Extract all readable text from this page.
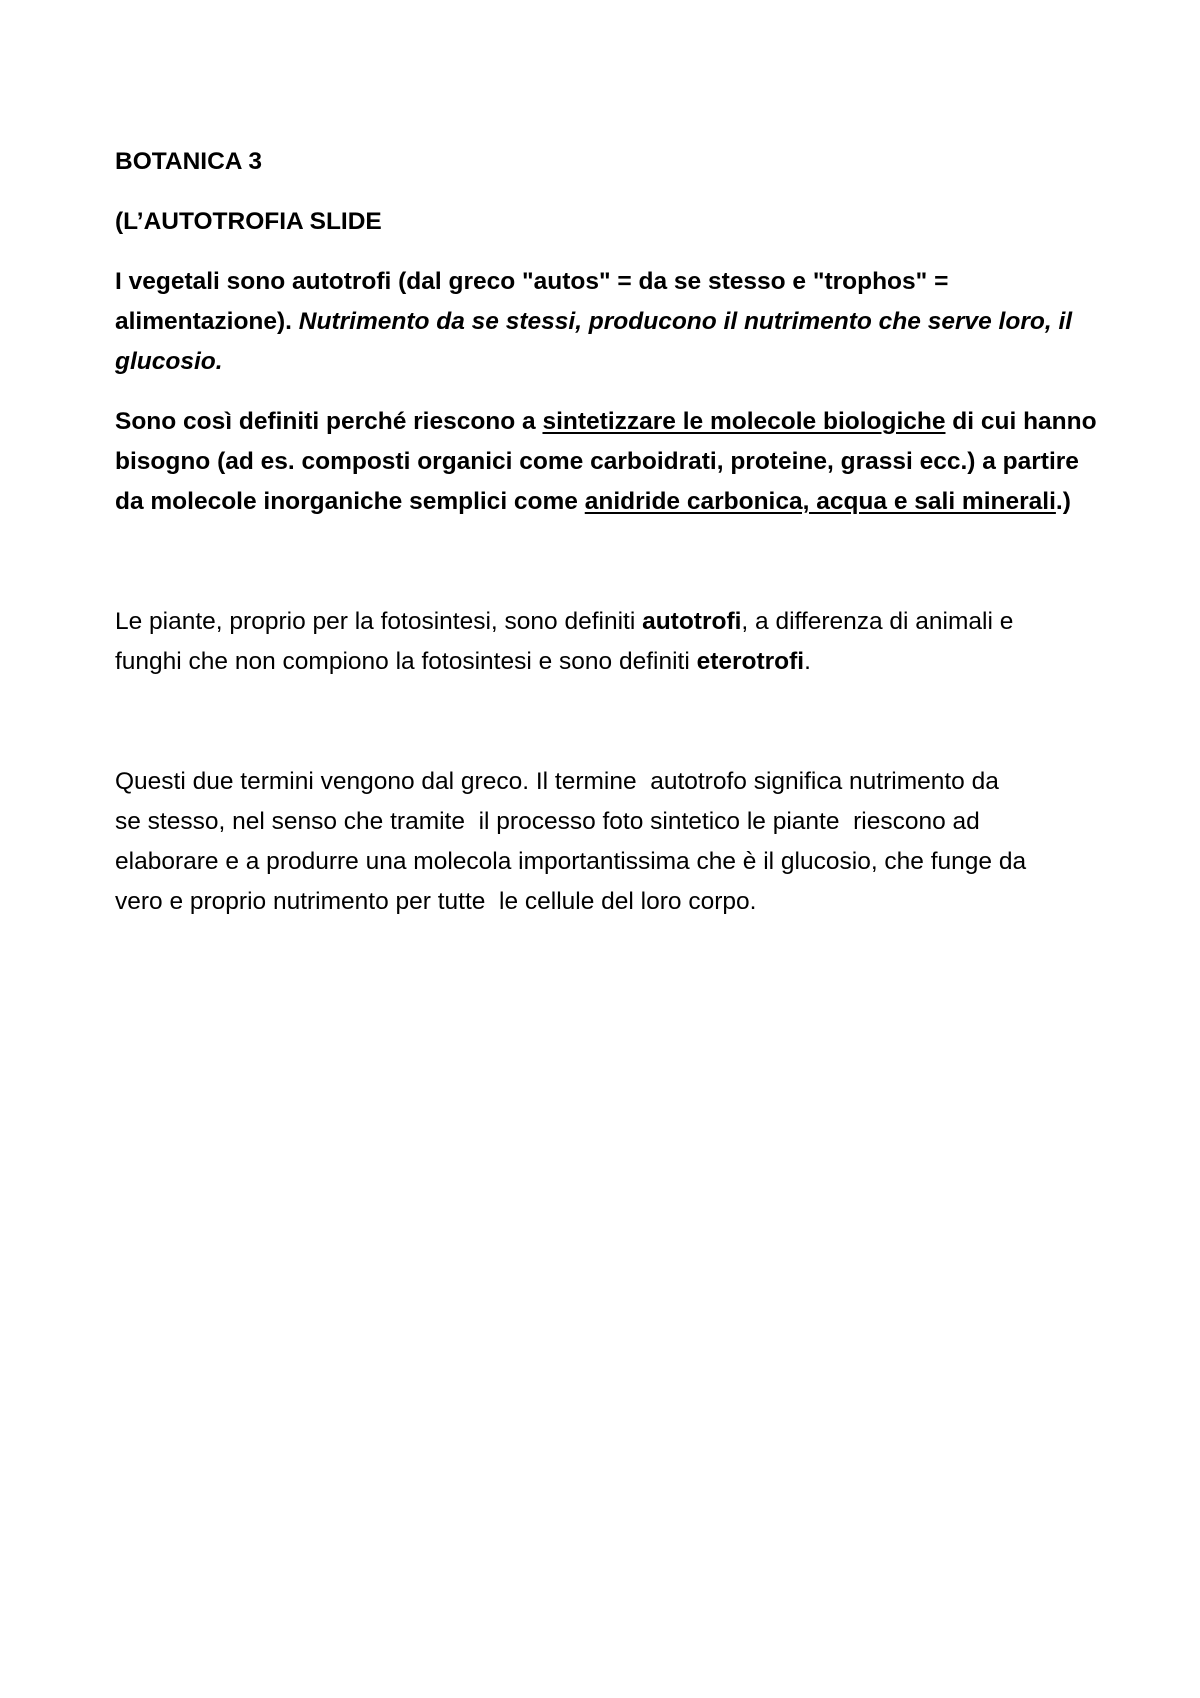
BOTANICA 3
(L’AUTOTROFIA SLIDE
I vegetali sono autotrofi (dal greco "autos" = da se stesso e "trophos" =
alimentazione). Nutrimento da se stessi, producono il nutrimento che serve loro, il
glucosio.
Sono così definiti perché riescono a sintetizzare le molecole biologiche di cui hanno
bisogno (ad es. composti organici come carboidrati, proteine, grassi ecc.) a partire
da molecole inorganiche semplici come anidride carbonica, acqua e sali minerali.)
Le piante, proprio per la fotosintesi, sono definiti autotrofi, a differenza di animali e
funghi che non compiono la fotosintesi e sono definiti eterotrofi.
Questi due termini vengono dal greco. Il termine  autotrofo significa nutrimento da
se stesso, nel senso che tramite  il processo foto sintetico le piante  riescono ad
elaborare e a produrre una molecola importantissima che è il glucosio, che funge da
vero e proprio nutrimento per tutte  le cellule del loro corpo.
